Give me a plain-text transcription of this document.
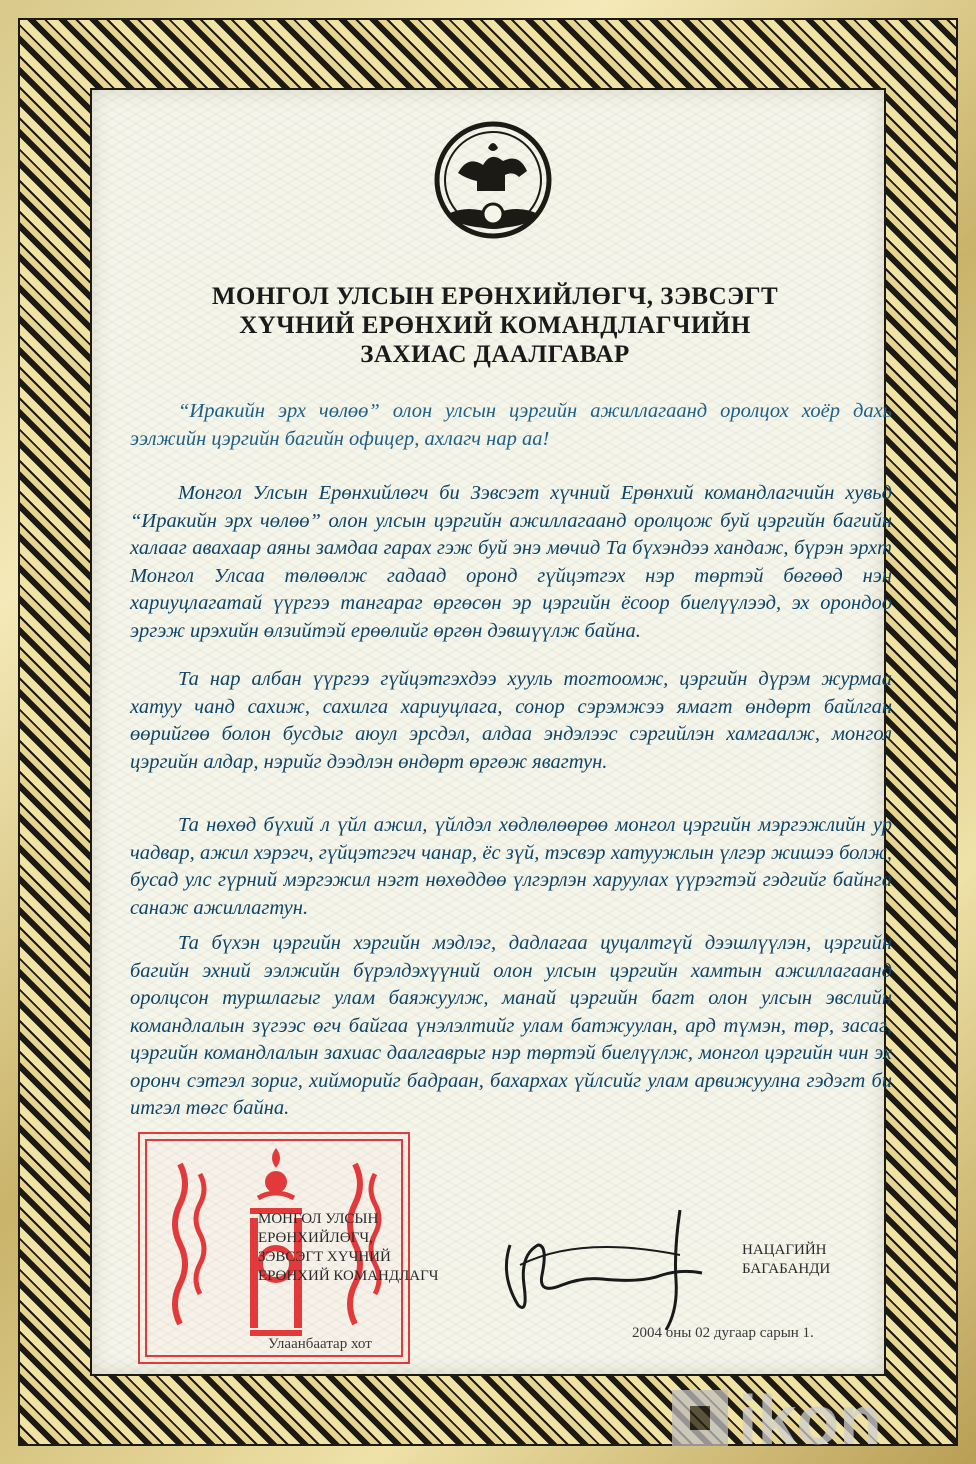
МОНГОЛ УЛСЫН ЕРӨНХИЙЛӨГЧ, ЗЭВСЭГТ
ХҮЧНИЙ ЕРӨНХИЙ КОМАНДЛАГЧИЙН
ЗАХИАС ДААЛГАВАР

“Иракийн эрх чөлөө” олон улсын цэргийн ажиллагаанд оролцох хоёр дахь ээлжийн цэргийн багийн офицер, ахлагч нар аа!

Монгол Улсын Ерөнхийлөгч би Зэвсэгт хүчний Ерөнхий командлагчийн хувьд “Иракийн эрх чөлөө” олон улсын цэргийн ажиллагаанд оролцож буй цэргийн багийн халааг авахаар аяны замдаа гарах гэж буй энэ мөчид Та бүхэндээ хандаж, бүрэн эрхт Монгол Улсаа төлөөлж гадаад оронд гүйцэтгэх нэр төртэй бөгөөд нэн хариуцлагатай үүргээ тангараг өргөсөн эр цэргийн ёсоор биелүүлээд, эх орондоо эргэж ирэхийн өлзийтэй ерөөлийг өргөн дэвшүүлж байна.

Та нар албан үүргээ гүйцэтгэхдээ хууль тогтоомж, цэргийн дүрэм журмаа хатуу чанд сахиж, сахилга хариуцлага, сонор сэрэмжээ ямагт өндөрт байлган өөрийгөө болон бусдыг аюул эрсдэл, алдаа эндэлээс сэргийлэн хамгаалж, монгол цэргийн алдар, нэрийг дээдлэн өндөрт өргөж явагтун.

Та нөхөд бүхий л үйл ажил, үйлдэл хөдлөлөөрөө монгол цэргийн мэргэжлийн ур чадвар, ажил хэрэгч, гүйцэтгэгч чанар, ёс зүй, тэсвэр хатуужлын үлгэр жишээ болж, бусад улс гүрний мэргэжил нэгт нөхөддөө үлгэрлэн харуулах үүрэгтэй гэдгийг байнга санаж ажиллагтун.

Та бүхэн цэргийн хэргийн мэдлэг, дадлагаа цуцалтгүй дээшлүүлэн, цэргийн багийн эхний ээлжийн бүрэлдэхүүний олон улсын цэргийн хамтын ажиллагаанд оролцсон туршлагыг улам баяжуулж, манай цэргийн багт олон улсын эвслийн командлалын зүгээс өгч байгаа үнэлэлтийг улам батжуулан, ард түмэн, төр, засаг, цэргийн командлалын захиас даалгаврыг нэр төртэй биелүүлж, монгол цэргийн чин эх оронч сэтгэл зориг, хийморийг бадраан, бахархах үйлсийг улам арвижуулна гэдэгт би итгэл төгс байна.

МОНГОЛ УЛСЫН
ЕРӨНХИЙЛӨГЧ,
ЗЭВСЭГТ ХҮЧНИЙ
ЕРӨНХИЙ КОМАНДЛАГЧ
НАЦАГИЙН
БАГАБАНДИ
Улаанбаатар хот
2004 оны 02 дугаар сарын 1.
ikon
